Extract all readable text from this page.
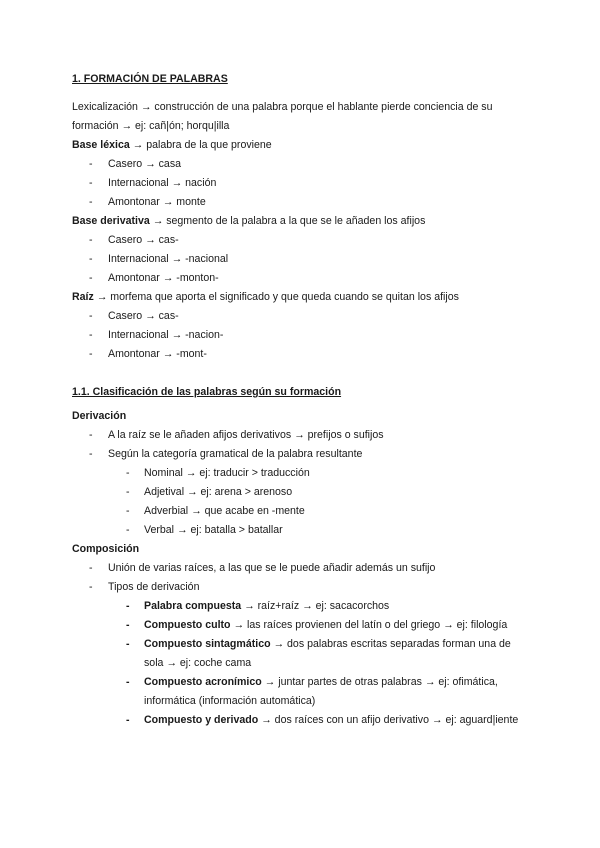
1. FORMACIÓN DE PALABRAS
Lexicalización → construcción de una palabra porque el hablante pierde conciencia de su formación → ej: cañ|ón; horqu|illa
Base léxica → palabra de la que proviene
- Casero → casa
- Internacional → nación
- Amontonar → monte
Base derivativa → segmento de la palabra a la que se le añaden los afijos
- Casero → cas-
- Internacional → -nacional
- Amontonar → -monton-
Raíz → morfema que aporta el significado y que queda cuando se quitan los afijos
- Casero → cas-
- Internacional → -nacion-
- Amontonar → -mont-
1.1. Clasificación de las palabras según su formación
Derivación
- A la raíz se le añaden afijos derivativos → prefijos o sufijos
- Según la categoría gramatical de la palabra resultante
- Nominal → ej: traducir > traducción
- Adjetival → ej: arena > arenoso
- Adverbial → que acabe en -mente
- Verbal → ej: batalla > batallar
Composición
- Unión de varias raíces, a las que se le puede añadir además un sufijo
- Tipos de derivación
- Palabra compuesta → raíz+raíz → ej: sacacorchos
- Compuesto culto → las raíces provienen del latín o del griego → ej: filología
- Compuesto sintagmático → dos palabras escritas separadas forman una de sola → ej: coche cama
- Compuesto acronímico → juntar partes de otras palabras → ej: ofimática, informática (información automática)
- Compuesto y derivado → dos raíces con un afijo derivativo → ej: aguard|iente
